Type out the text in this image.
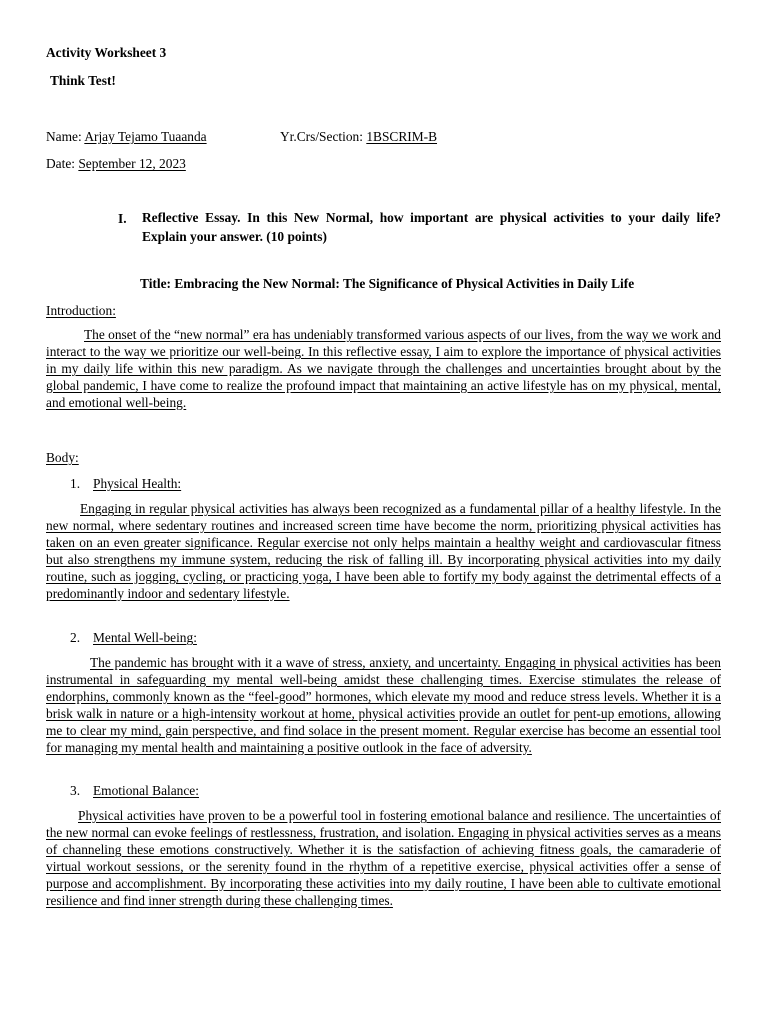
Activity Worksheet 3
Think Test!
Name: Arjay Tejamo Tuaanda	Yr.Crs/Section: 1BSCRIM-B
Date: September 12, 2023
I. Reflective Essay. In this New Normal, how important are physical activities to your daily life? Explain your answer. (10 points)

Title: Embracing the New Normal: The Significance of Physical Activities in Daily Life
Introduction:

The onset of the “new normal” era has undeniably transformed various aspects of our lives, from the way we work and interact to the way we prioritize our well-being. In this reflective essay, I aim to explore the importance of physical activities in my daily life within this new paradigm. As we navigate through the challenges and uncertainties brought about by the global pandemic, I have come to realize the profound impact that maintaining an active lifestyle has on my physical, mental, and emotional well-being.

Body:
1. Physical Health:

Engaging in regular physical activities has always been recognized as a fundamental pillar of a healthy lifestyle. In the new normal, where sedentary routines and increased screen time have become the norm, prioritizing physical activities has taken on an even greater significance. Regular exercise not only helps maintain a healthy weight and cardiovascular fitness but also strengthens my immune system, reducing the risk of falling ill. By incorporating physical activities into my daily routine, such as jogging, cycling, or practicing yoga, I have been able to fortify my body against the detrimental effects of a predominantly indoor and sedentary lifestyle.

2. Mental Well-being:

The pandemic has brought with it a wave of stress, anxiety, and uncertainty. Engaging in physical activities has been instrumental in safeguarding my mental well-being amidst these challenging times. Exercise stimulates the release of endorphins, commonly known as the “feel-good” hormones, which elevate my mood and reduce stress levels. Whether it is a brisk walk in nature or a high-intensity workout at home, physical activities provide an outlet for pent-up emotions, allowing me to clear my mind, gain perspective, and find solace in the present moment. Regular exercise has become an essential tool for managing my mental health and maintaining a positive outlook in the face of adversity.

3. Emotional Balance:

Physical activities have proven to be a powerful tool in fostering emotional balance and resilience. The uncertainties of the new normal can evoke feelings of restlessness, frustration, and isolation. Engaging in physical activities serves as a means of channeling these emotions constructively. Whether it is the satisfaction of achieving fitness goals, the camaraderie of virtual workout sessions, or the serenity found in the rhythm of a repetitive exercise, physical activities offer a sense of purpose and accomplishment. By incorporating these activities into my daily routine, I have been able to cultivate emotional resilience and find inner strength during these challenging times.
